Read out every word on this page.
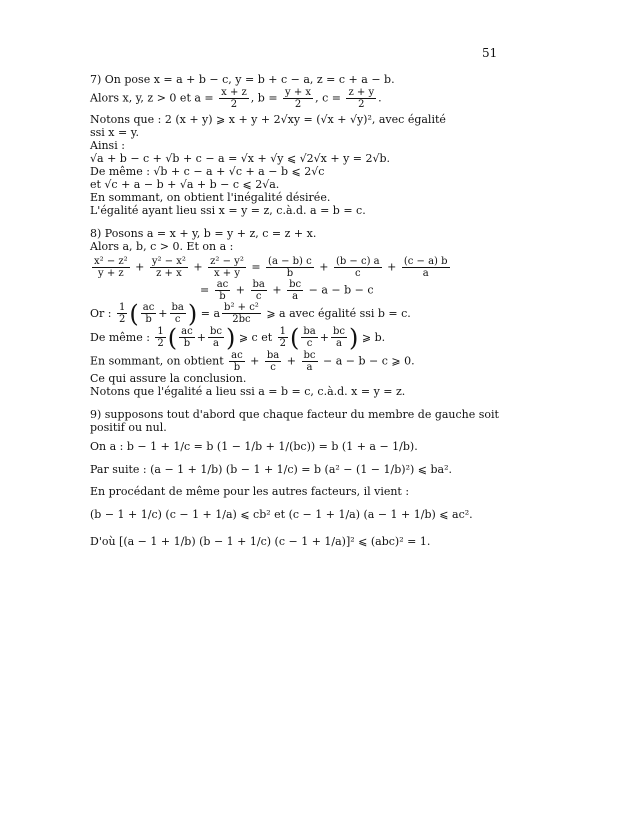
51
7) On pose x = a + b − c, y = b + c − a, z = c + a − b.
Alors x, y, z > 0 et $a = \frac{x + z}{2}$ , $b = \frac{y + x}{2}$ , $c = \frac{z + y}{2}$ .
Notons que : 2 (x + y) ⩾ x + y + 2√xy = (√x + √y)², avec égalité
ssi x = y.
Ainsi :
√a + b − c + √b + c − a = √x + √y ⩽ √2√x + y = 2√b.
De même : √b + c − a + √c + a − b ⩽ 2√c
et √c + a − b + √a + b − c ⩽ 2√a.
En sommant, on obtient l'inégalité désirée.
L'égalité ayant lieu ssi x = y = z, c.à.d. a = b = c.
8) Posons a = x + y, b = y + z, c = z + x.
Alors a, b, c > 0. Et on a :
$\frac{\text{x² − z²}}{y + z} + \frac{\text{y² − x²}}{z + x} + \frac{\text{z² − y²}}{x + y} = \frac{(a - b) c}{b} + \frac{(b - c) a}{c} + \frac{(c - a) b}{a}$
= $\frac{ac}{b} + \frac{ba}{c} + \frac{bc}{a} - a - b - c$
Or : $\frac{1}{2}$ ( $\frac{ac}{b} + \frac{ba}{c}$ ) = a $\frac{\text{b² + c²}}{2bc}$ ⩾ a avec égalité ssi b = c.
De même : $\frac{1}{2}$ ( $\frac{ac}{b} + \frac{bc}{a}$ ) ⩾ c et $\frac{1}{2}$ ( $\frac{ba}{c} + \frac{bc}{a}$ ) ⩾ b.
En sommant, on obtient $\frac{ac}{b} + \frac{ba}{c} + \frac{bc}{a} - a - b - c$ ⩾ 0.
Ce qui assure la conclusion.
Notons que l'égalité a lieu ssi a = b = c, c.à.d. x = y = z.
9) supposons tout d'abord que chaque facteur du membre de gauche soit
positif ou nul.
On a : b − 1 + 1/c = b (1 − 1/b + 1/(bc)) = b (1 + a − 1/b).
Par suite : (a − 1 + 1/b) (b − 1 + 1/c) = b (a² − (1 − 1/b)²) ⩽ ba².
En procédant de même pour les autres facteurs, il vient :
(b − 1 + 1/c) (c − 1 + 1/a) ⩽ cb² et (c − 1 + 1/a) (a − 1 + 1/b) ⩽ ac².
D'où [(a − 1 + 1/b) (b − 1 + 1/c) (c − 1 + 1/a)]² ⩽ (abc)² = 1.
